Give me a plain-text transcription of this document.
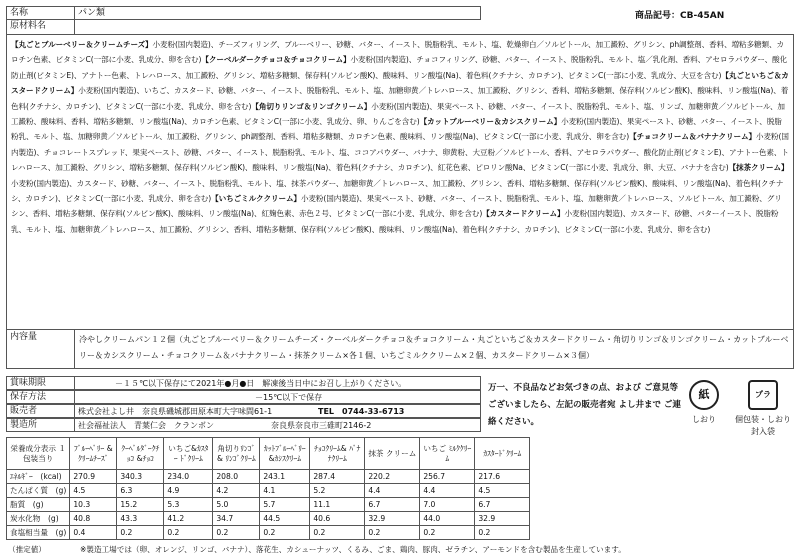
名称	パン類	商品記号：CB-45AN
原材料名
【丸ごとブルーベリー＆クリームチーズ】小麦粉(国内製造)、チーズフィリング、ブルーベリー、砂糖、バター、イースト、脱脂粉乳、モルト、塩、乾燥卵白／ソルビトール、加工澱粉、グリシン、ph調整剤、香料、増粘多糖類、カロチン色素、ビタミンC(一部に小麦、乳成分、卵を含む)【クーベルダークチョコ＆チョコクリーム】小麦粉(国内製造)、チョコフィリング、砂糖、バター、イースト、脱脂粉乳、モルト、塩／乳化剤、香料、アセロラパウダー、酸化防止剤(ビタミンE)、アナトー色素、トレハロース、加工澱粉、グリシン、増粘多糖類、保存料(ソルビン酸K)、酸味料、リン酸塩(Na)、着色料(クチナシ、カロチン)、ビタミンC(一部に小麦、乳成分、大豆を含む)【丸ごといちご＆カスタードクリーム】小麦粉(国内製造)、いちご、カスタード、砂糖、バター、イースト、脱脂粉乳、モルト、塩、加糖卵黄／トレハロース、加工澱粉、グリシン、香料、増粘多糖類、保存料(ソルビン酸K)、酸味料、リン酸塩(Na)、着色料(クチナシ、カロチン)、ビタミンC(一部に小麦、乳成分、卵を含む)【角切りリンゴ＆リンゴクリーム】小麦粉(国内製造)、果実ペースト、砂糖、バター、イースト、脱脂粉乳、モルト、塩、リンゴ、加糖卵黄／ソルビトール、加工澱粉、酸味料、香料、増粘多糖類、リン酸塩(Na)、カロチン色素、ビタミンC(一部に小麦、乳成分、卵、りんごを含む)【カットブルーベリー＆カシスクリーム】小麦粉(国内製造)、果実ペースト、砂糖、バター、イースト、脱脂粉乳、モルト、塩、加糖卵黄／ソルビトール、加工澱粉、グリシン、ph調整剤、香料、増粘多糖類、カロチン色素、酸味料、リン酸塩(Na)、ビタミンC(一部に小麦、乳成分、卵を含む)【チョコクリーム＆バナナクリーム】小麦粉(国内製造)、チョコレートスプレッド、果実ペースト、砂糖、バター、イースト、脱脂粉乳、モルト、塩、ココアパウダー、バナナ、卵黄粉、大豆粉／ソルビトール、香料、アセロラパウダー、酸化防止剤(ビタミンE)、アナトー色素、トレハロース、加工澱粉、グリシン、増粘多糖類、保存料(ソルビン酸K)、酸味料、リン酸塩(Na)、着色料(クチナシ、カロチン)、紅花色素、ピロリン酸Na、ビタミンC(一部に小麦、乳成分、卵、大豆、バナナを含む)【抹茶クリーム】小麦粉(国内製造)、カスタード、砂糖、バター、イースト、脱脂粉乳、モルト、塩、抹茶パウダー、加糖卵黄／トレハロース、加工澱粉、グリシン、香料、増粘多糖類、保存料(ソルビン酸K)、酸味料、リン酸塩(Na)、着色料(クチナシ、カロチン)、ビタミンC(一部に小麦、乳成分、卵を含む)【いちごミルククリーム】小麦粉(国内製造)、果実ペースト、砂糖、バター、イースト、脱脂粉乳、モルト、塩、加糖卵黄／トレハロース、ソルビトール、加工澱粉、グリシン、香料、増粘多糖類、保存料(ソルビン酸K)、酸味料、リン酸塩(Na)、紅麹色素、赤色２号、ビタミンC(一部に小麦、乳成分、卵を含む)【カスタードクリーム】小麦粉(国内製造)、カスタード、砂糖、バターイースト、脱脂粉乳、モルト、塩、加糖卵黄／トレハロース、加工澱粉、グリシン、香料、増粘多糖類、保存料(ソルビン酸K)、酸味料、リン酸塩(Na)、着色料(クチナシ、カロチン)、ビタミンC(一部に小麦、乳成分、卵を含む)
内容量	冷やしクリームパン１２個（丸ごとブルーベリー＆クリームチーズ・クーベルダークチョコ＆チョコクリーム・丸ごといちご＆カスタードクリーム・角切りリンゴ＆リンゴクリーム・カットブルーベリー＆カシスクリーム・チョコクリーム＆バナナクリーム・抹茶クリーム×各１個、いちごミルククリーム×２個、カスタードクリーム×３個）
賞味期限	－１５℃以下保存にて2021年●月●日　解凍後当日中にお召し上がりください。
保存方法	－15℃以下で保存
販売者	株式会社よし井　奈良県磯城郡田原本町大字味間61-1	TEL　0744-33-6713
製造所	社会福祉法人　青葉仁会　クランボン	奈良県奈良市三碓町2146-2
万一、不良品などお気づきの点、および ご意見等ございましたら、左記の販売者宛 よし井まで ご連絡ください。
紙
しおり
プラ
個包装・しおり封入袋
栄養成分表示 １包装当り	ﾌﾞﾙｰﾍﾞﾘｰ &ｸﾘｰﾑﾁｰｽﾞ	ｸｰﾍﾞﾙﾀﾞｰｸﾁｮｺ &ﾁｮｺ	いちご&ｶｽﾀｰ ﾄﾞｸﾘｰﾑ	角切りﾘﾝｺﾞ& ﾘﾝｺﾞｸﾘｰﾑ	ｶｯﾄﾌﾞﾙｰﾍﾞﾘｰ &ｶｼｽｸﾘｰﾑ	ﾁｮｺｸﾘｰﾑ& ﾊﾞﾅﾅｸﾘｰﾑ	抹茶 クリーム	いちご ﾐﾙｸｸﾘｰﾑ	ｶｽﾀｰﾄﾞｸﾘｰﾑ
ｴﾈﾙｷﾞｰ　(kcal)	270.9	340.3	234.0	208.0	243.1	287.4	220.2	256.7	217.6
たんぱく質　(g)	4.5	6.3	4.9	4.2	4.1	5.2	4.4	4.4	4.5
脂質　(g)	10.3	15.2	5.3	5.0	5.7	11.1	6.7	7.0	6.7
炭水化物　(g)	40.8	43.3	41.2	34.7	44.5	40.6	32.9	44.0	32.9
食塩相当量　(g)	0.4	0.2	0.2	0.2	0.2	0.2	0.2	0.2	0.2
（推定値）	※製造工場では（卵、オレンジ、リンゴ、バナナ）、落花生、カシューナッツ、くるみ、ごま、鶏肉、豚肉、ゼラチン、アーモンドを含む製品を生産しています。
